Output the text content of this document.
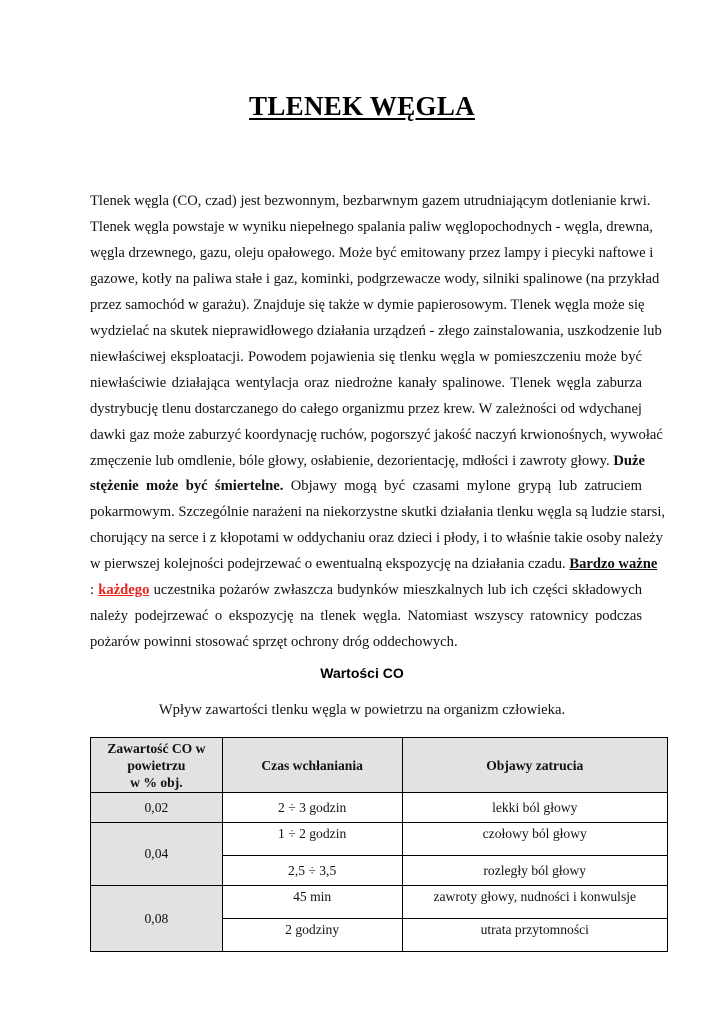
TLENEK WĘGLA
Tlenek węgla (CO, czad) jest bezwonnym, bezbarwnym gazem utrudniającym dotlenianie krwi.
Tlenek węgla powstaje w wyniku niepełnego spalania paliw węglopochodnych - węgla, drewna,
węgla drzewnego, gazu, oleju opałowego. Może być emitowany przez lampy i piecyki naftowe i
gazowe, kotły na paliwa stałe i gaz, kominki, podgrzewacze wody, silniki spalinowe (na przykład
przez samochód w garażu). Znajduje się także w dymie papierosowym. Tlenek węgla może się
wydzielać na skutek nieprawidłowego działania urządzeń - złego zainstalowania, uszkodzenie lub
niewłaściwej eksploatacji. Powodem pojawienia się tlenku węgla w pomieszczeniu może być
niewłaściwie działająca wentylacja oraz niedrożne kanały spalinowe. Tlenek węgla zaburza
dystrybucję tlenu dostarczanego do całego organizmu przez krew. W zależności od wdychanej
dawki gaz może zaburzyć koordynację ruchów, pogorszyć jakość naczyń krwionośnych, wywołać
zmęczenie lub omdlenie, bóle głowy, osłabienie, dezorientację, mdłości i zawroty głowy. Duże
stężenie może być śmiertelne. Objawy mogą być czasami mylone grypą lub zatruciem
pokarmowym. Szczególnie narażeni na niekorzystne skutki działania tlenku węgla są ludzie starsi,
chorujący na serce i z kłopotami w oddychaniu oraz dzieci i płody, i to właśnie takie osoby należy
w pierwszej kolejności podejrzewać o ewentualną ekspozycję na działania czadu. Bardzo ważne
: każdego uczestnika pożarów zwłaszcza budynków mieszkalnych lub ich części składowych
należy podejrzewać o ekspozycję na tlenek węgla. Natomiast wszyscy ratownicy podczas
pożarów powinni stosować sprzęt ochrony dróg oddechowych.
Wartości CO
Wpływ zawartości tlenku węgla w powietrzu na organizm człowieka.
Zawartość CO w
powietrzu
w % obj.	Czas wchłaniania	Objawy zatrucia
0,02	2 ÷ 3 godzin	lekki ból głowy
0,04	1 ÷ 2 godzin	czołowy ból głowy
	2,5 ÷ 3,5	rozległy ból głowy
0,08	45 min	zawroty głowy, nudności i konwulsje
	2 godziny	utrata przytomności
